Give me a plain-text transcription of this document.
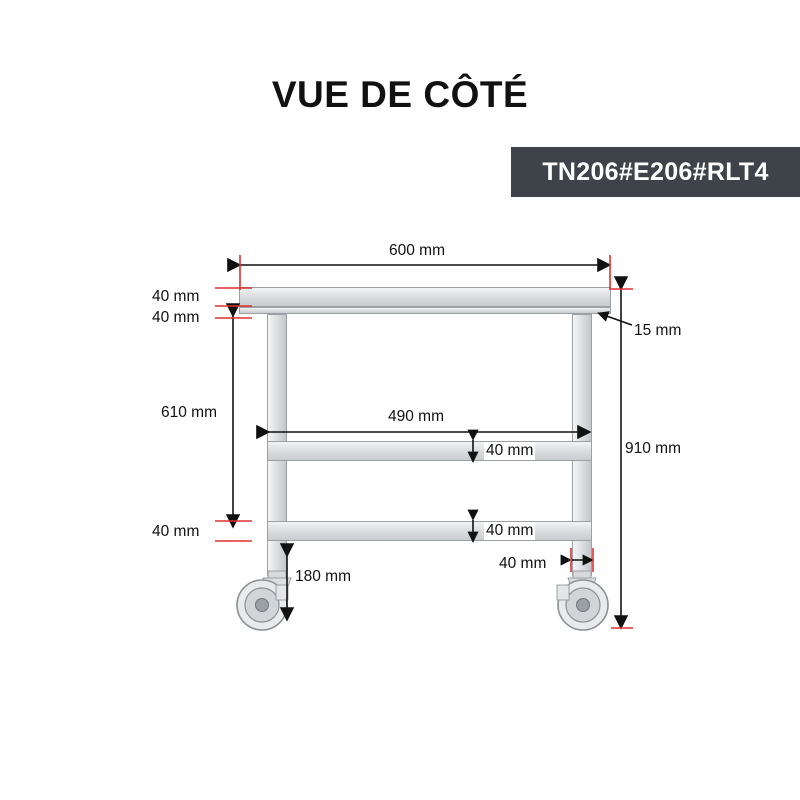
VUE DE CÔTÉ
TN206#E206#RLT4
600 mm
40 mm
40 mm
15 mm
610 mm	490 mm
40 mm	910 mm
40 mm	40 mm
40 mm
180 mm
